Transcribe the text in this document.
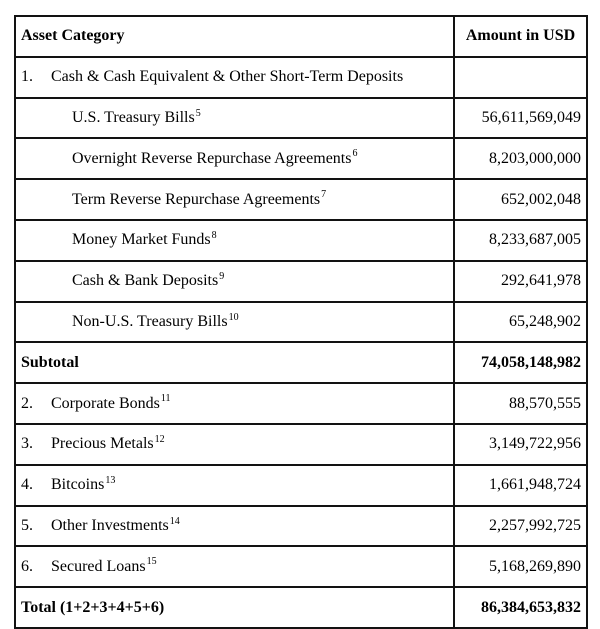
Asset Category	Amount in USD
1. Cash & Cash Equivalent & Other Short-Term Deposits	
U.S. Treasury Bills$^5$	56,611,569,049
Overnight Reverse Repurchase Agreements$^6$	8,203,000,000
Term Reverse Repurchase Agreements$^7$	652,002,048
Money Market Funds$^8$	8,233,687,005
Cash & Bank Deposits$^9$	292,641,978
Non-U.S. Treasury Bills$^{10}$	65,248,902
Subtotal	74,058,148,982
2. Corporate Bonds$^{11}$	88,570,555
3. Precious Metals$^{12}$	3,149,722,956
4. Bitcoins$^{13}$	1,661,948,724
5. Other Investments$^{14}$	2,257,992,725
6. Secured Loans$^{15}$	5,168,269,890
Total (1+2+3+4+5+6)	86,384,653,832
